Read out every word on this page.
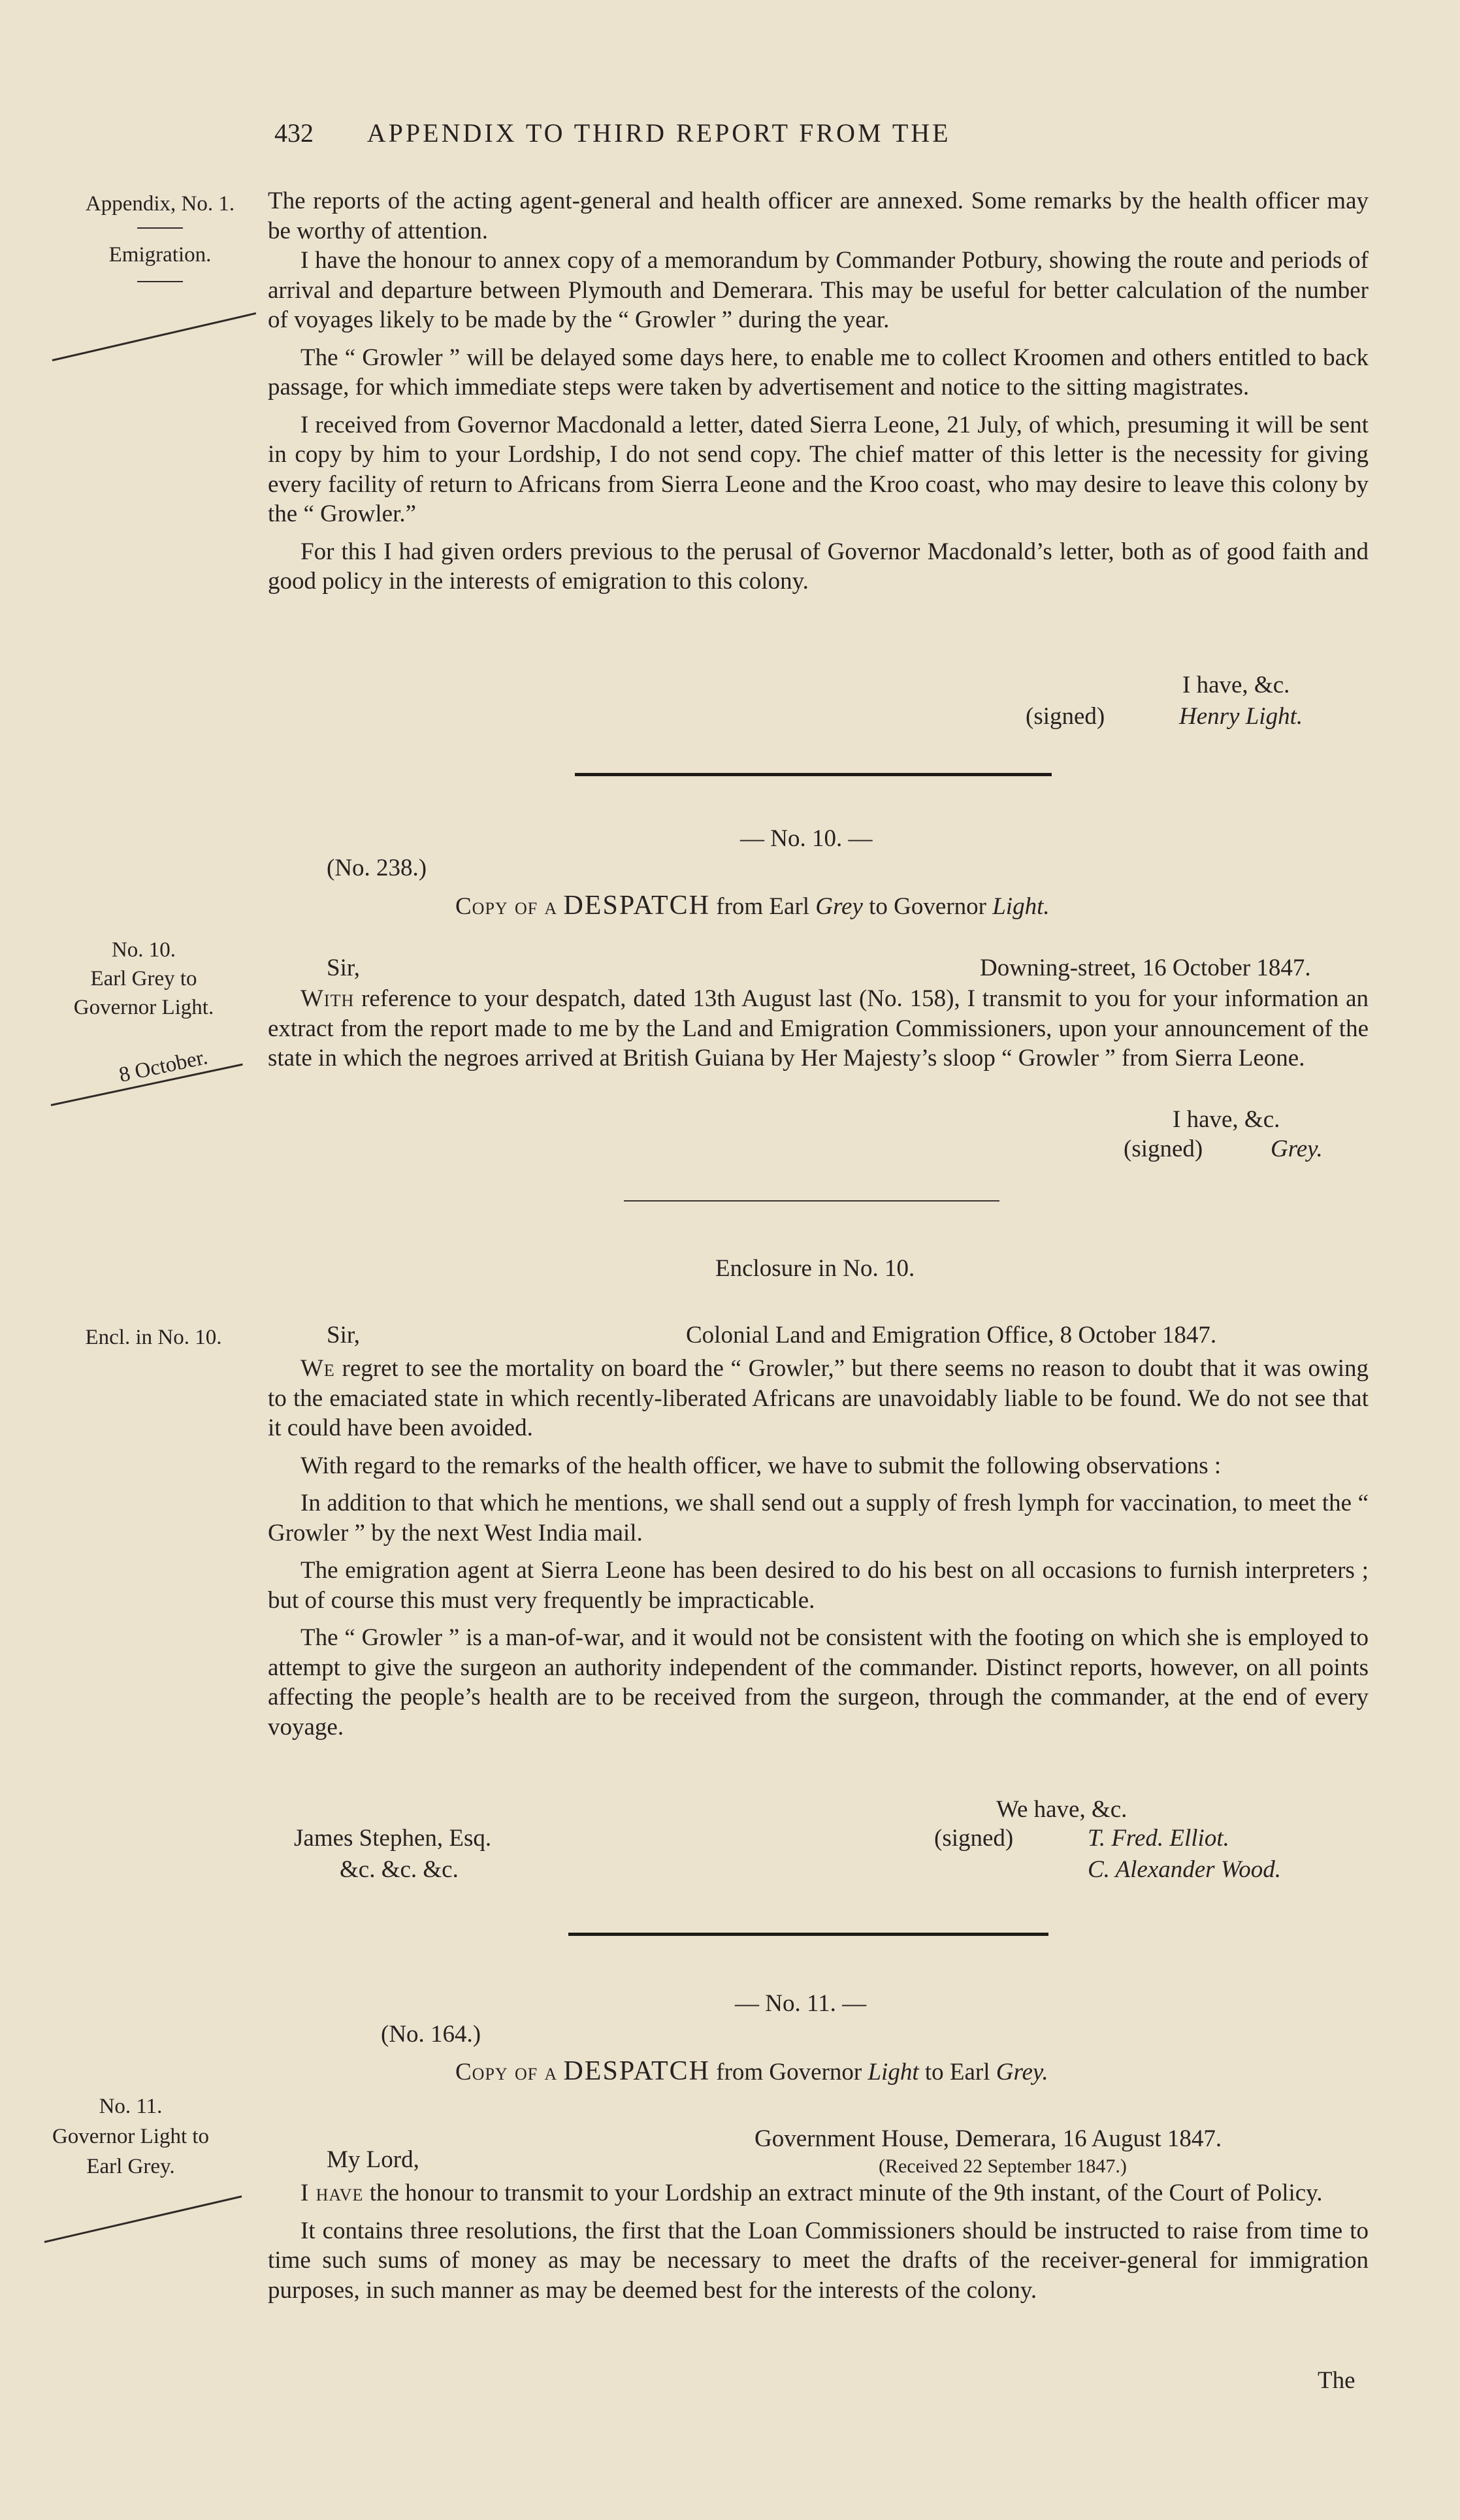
432 APPENDIX TO THIRD REPORT FROM THE
Appendix, No. 1.
Emigration.
No. 10.
Earl Grey to
Governor Light.
8 October.
Encl. in No. 10.
No. 11.
Governor Light to
Earl Grey.

The reports of the acting agent-general and health officer are annexed. Some remarks by the health officer may be worthy of attention.

I have the honour to annex copy of a memorandum by Commander Potbury, showing the route and periods of arrival and departure between Plymouth and Demerara. This may be useful for better calculation of the number of voyages likely to be made by the “ Growler ” during the year.

The “ Growler ” will be delayed some days here, to enable me to collect Kroomen and others entitled to back passage, for which immediate steps were taken by advertisement and notice to the sitting magistrates.

I received from Governor Macdonald a letter, dated Sierra Leone, 21 July, of which, presuming it will be sent in copy by him to your Lordship, I do not send copy. The chief matter of this letter is the necessity for giving every facility of return to Africans from Sierra Leone and the Kroo coast, who may desire to leave this colony by the “ Growler.”

For this I had given orders previous to the perusal of Governor Macdonald’s letter, both as of good faith and good policy in the interests of emigration to this colony.

I have, &c.
(signed)	Henry Light.
— No. 10. —
(No. 238.)
Copy of a DESPATCH from Earl Grey to Governor Light.
Sir,	Downing-street, 16 October 1847.

With reference to your despatch, dated 13th August last (No. 158), I transmit to you for your information an extract from the report made to me by the Land and Emigration Commissioners, upon your announcement of the state in which the negroes arrived at British Guiana by Her Majesty’s sloop “ Growler ” from Sierra Leone.

I have, &c.
(signed)	Grey.
Enclosure in No. 10.
Sir,	Colonial Land and Emigration Office, 8 October 1847.

We regret to see the mortality on board the “ Growler,” but there seems no reason to doubt that it was owing to the emaciated state in which recently-liberated Africans are unavoidably liable to be found. We do not see that it could have been avoided.

With regard to the remarks of the health officer, we have to submit the following observations :

In addition to that which he mentions, we shall send out a supply of fresh lymph for vaccination, to meet the “ Growler ” by the next West India mail.

The emigration agent at Sierra Leone has been desired to do his best on all occasions to furnish interpreters ; but of course this must very frequently be impracticable.

The “ Growler ” is a man-of-war, and it would not be consistent with the footing on which she is employed to attempt to give the surgeon an authority independent of the commander. Distinct reports, however, on all points affecting the people’s health are to be received from the surgeon, through the commander, at the end of every voyage.

We have, &c.
James Stephen, Esq.
&c. &c. &c.
(signed)	T. Fred. Elliot.
C. Alexander Wood.
— No. 11. —
(No. 164.)
Copy of a DESPATCH from Governor Light to Earl Grey.
Government House, Demerara, 16 August 1847.
My Lord,	(Received 22 September 1847.)

I have the honour to transmit to your Lordship an extract minute of the 9th instant, of the Court of Policy.

It contains three resolutions, the first that the Loan Commissioners should be instructed to raise from time to time such sums of money as may be necessary to meet the drafts of the receiver-general for immigration purposes, in such manner as may be deemed best for the interests of the colony.

The
